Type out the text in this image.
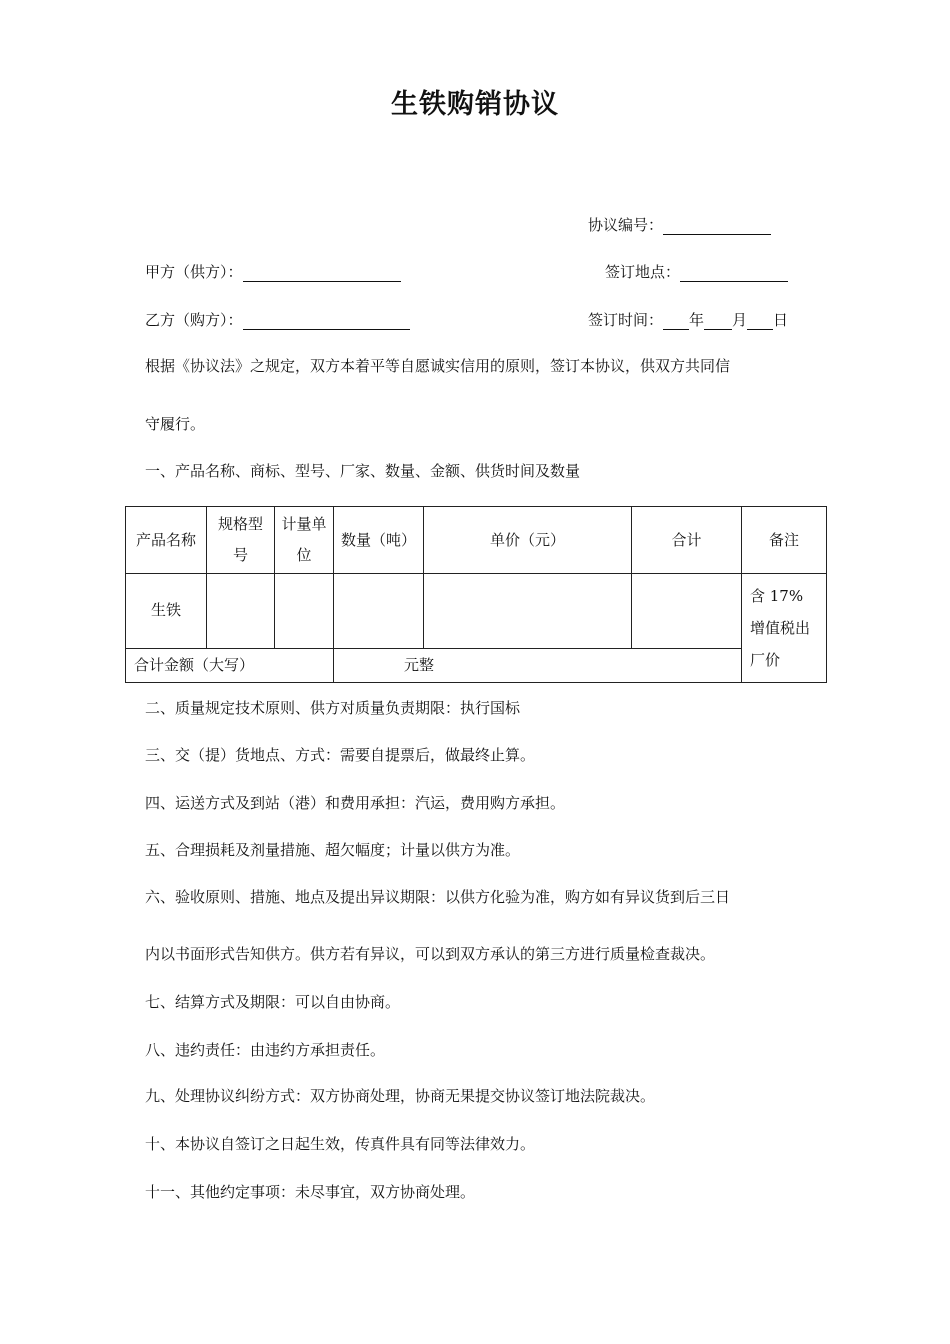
生铁购销协议
协议编号：
甲方（供方）：	签订地点：
乙方（购方）：	签订时间： 年 月 日
根据《协议法》之规定，双方本着平等自愿诚实信用的原则，签订本协议，供双方共同信
守履行。
一、产品名称、商标、型号、厂家、数量、金额、供货时间及数量
产品名称	规格型号	计量单位	数量（吨）	单价（元）	合计	备注
生铁						含 17%增值税出厂价
合计金额（大写）			元整			
二、质量规定技术原则、供方对质量负责期限：执行国标
三、交（提）货地点、方式：需要自提票后，做最终止算。
四、运送方式及到站（港）和费用承担：汽运，费用购方承担。
五、合理损耗及剂量措施、超欠幅度；计量以供方为准。
六、验收原则、措施、地点及提出异议期限：以供方化验为准，购方如有异议货到后三日
内以书面形式告知供方。供方若有异议，可以到双方承认的第三方进行质量检查裁决。
七、结算方式及期限：可以自由协商。
八、违约责任：由违约方承担责任。
九、处理协议纠纷方式：双方协商处理，协商无果提交协议签订地法院裁决。
十、本协议自签订之日起生效，传真件具有同等法律效力。
十一、其他约定事项：未尽事宜，双方协商处理。
